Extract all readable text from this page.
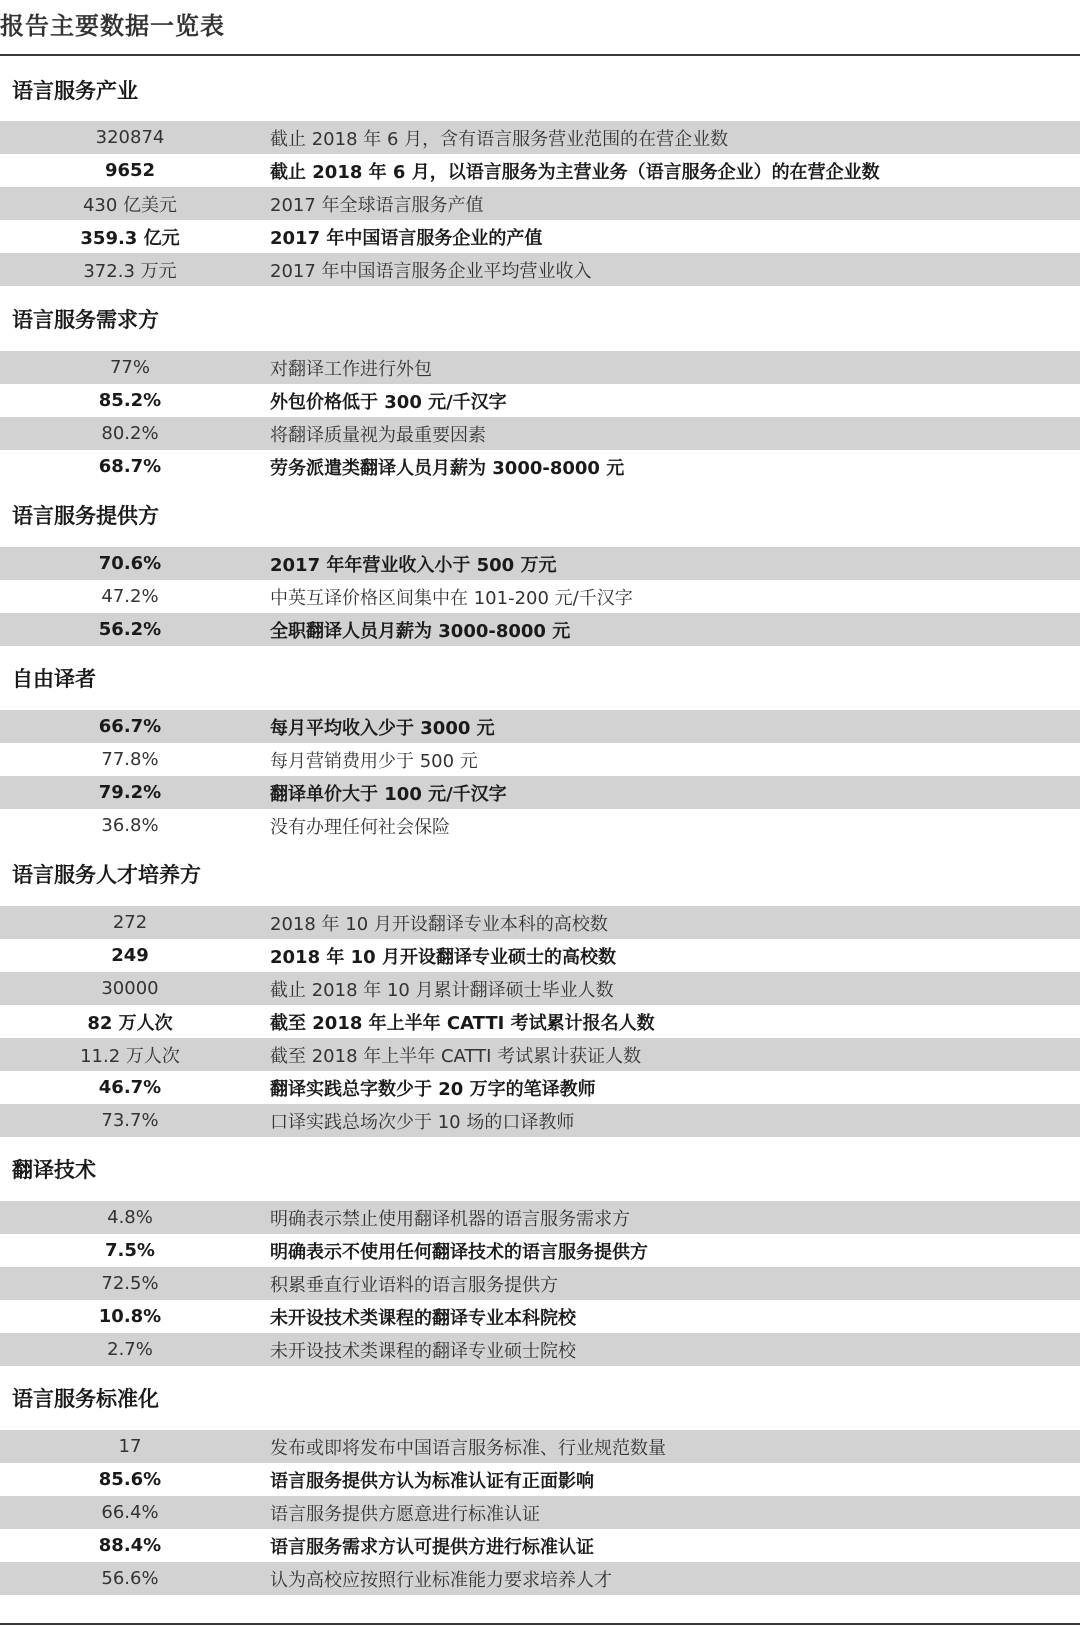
报告主要数据一览表
语言服务产业
320874	截止 2018 年 6 月，含有语言服务营业范围的在营企业数
9652	截止 2018 年 6 月，以语言服务为主营业务（语言服务企业）的在营企业数
430 亿美元	2017 年全球语言服务产值
359.3 亿元	2017 年中国语言服务企业的产值
372.3 万元	2017 年中国语言服务企业平均营业收入
语言服务需求方
77%	对翻译工作进行外包
85.2%	外包价格低于 300 元/千汉字
80.2%	将翻译质量视为最重要因素
68.7%	劳务派遣类翻译人员月薪为 3000-8000 元
语言服务提供方
70.6%	2017 年年营业收入小于 500 万元
47.2%	中英互译价格区间集中在 101-200 元/千汉字
56.2%	全职翻译人员月薪为 3000-8000 元
自由译者
66.7%	每月平均收入少于 3000 元
77.8%	每月营销费用少于 500 元
79.2%	翻译单价大于 100 元/千汉字
36.8%	没有办理任何社会保险
语言服务人才培养方
272	2018 年 10 月开设翻译专业本科的高校数
249	2018 年 10 月开设翻译专业硕士的高校数
30000	截止 2018 年 10 月累计翻译硕士毕业人数
82 万人次	截至 2018 年上半年 CATTI 考试累计报名人数
11.2 万人次	截至 2018 年上半年 CATTI 考试累计获证人数
46.7%	翻译实践总字数少于 20 万字的笔译教师
73.7%	口译实践总场次少于 10 场的口译教师
翻译技术
4.8%	明确表示禁止使用翻译机器的语言服务需求方
7.5%	明确表示不使用任何翻译技术的语言服务提供方
72.5%	积累垂直行业语料的语言服务提供方
10.8%	未开设技术类课程的翻译专业本科院校
2.7%	未开设技术类课程的翻译专业硕士院校
语言服务标准化
17	发布或即将发布中国语言服务标准、行业规范数量
85.6%	语言服务提供方认为标准认证有正面影响
66.4%	语言服务提供方愿意进行标准认证
88.4%	语言服务需求方认可提供方进行标准认证
56.6%	认为高校应按照行业标准能力要求培养人才
